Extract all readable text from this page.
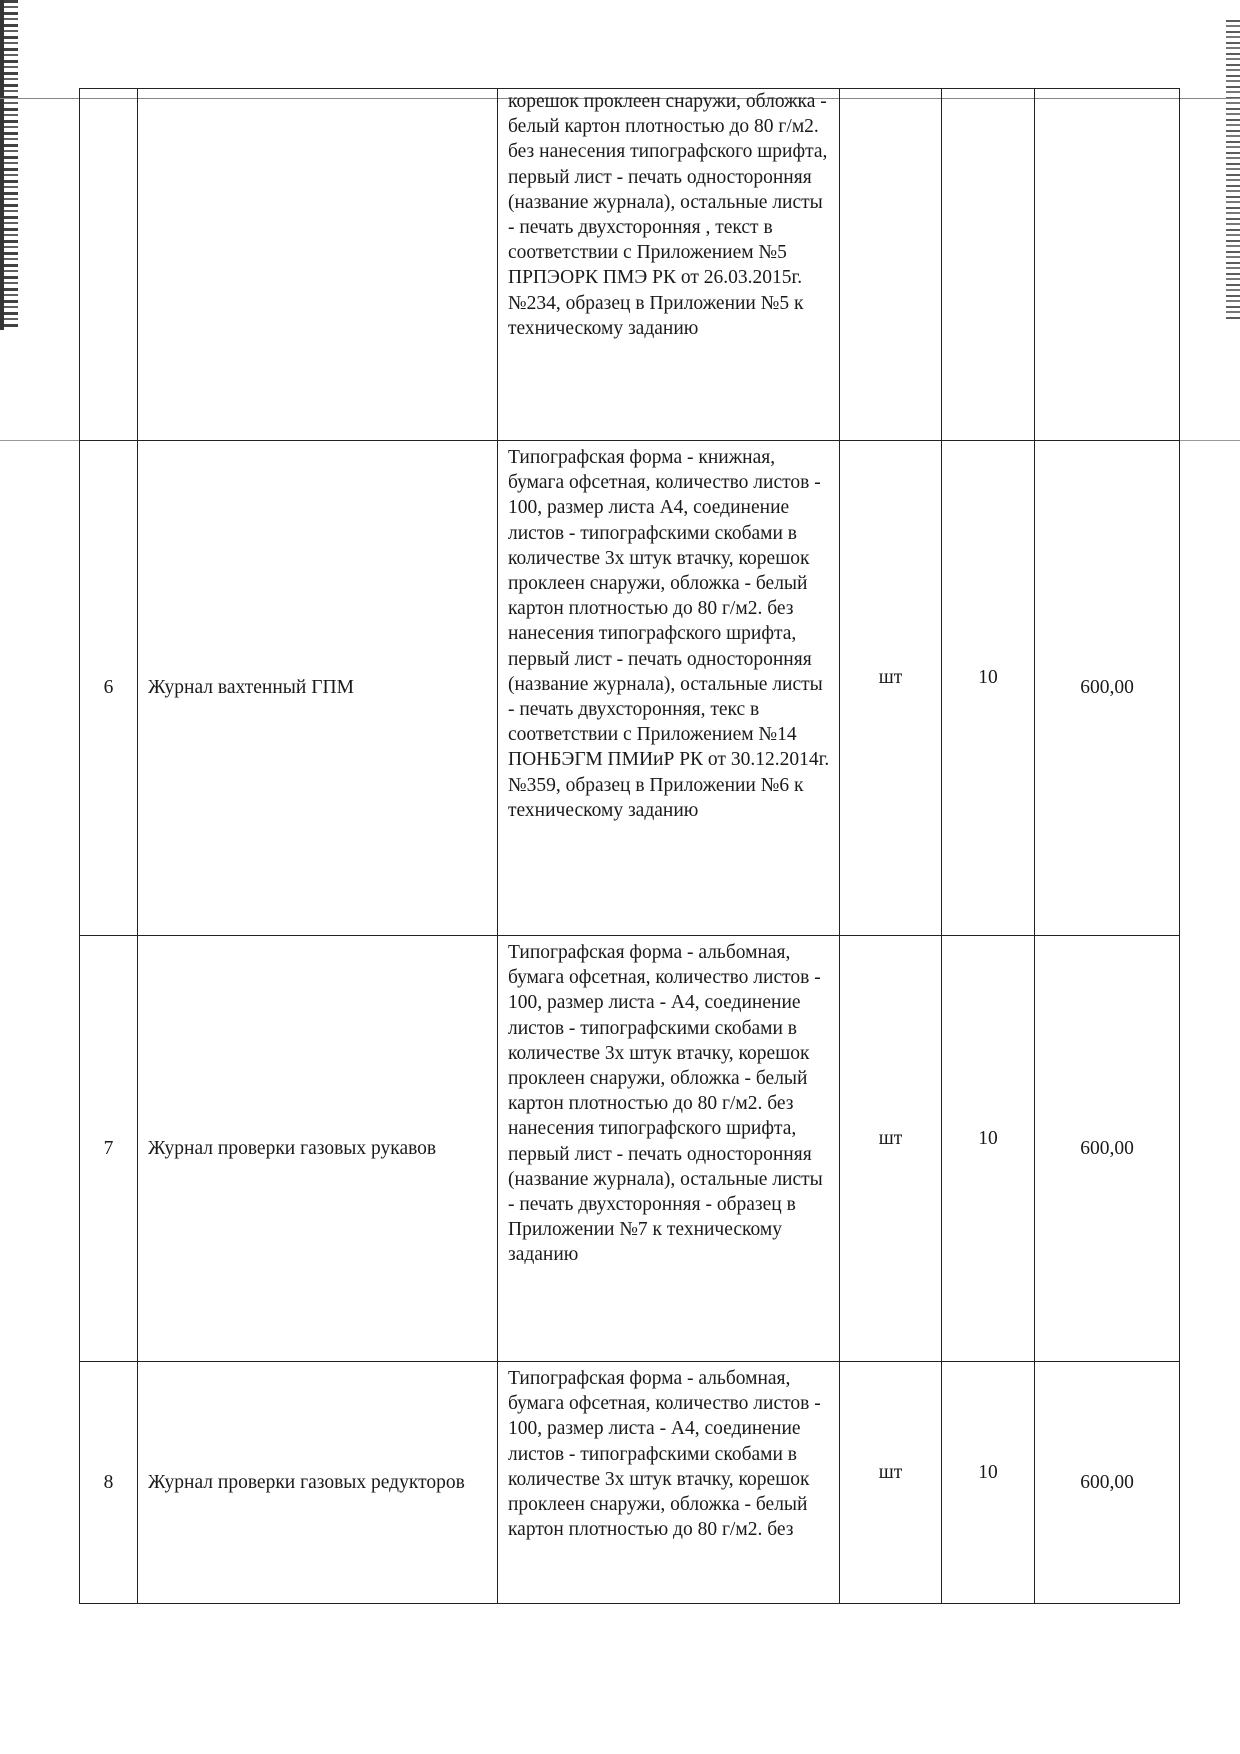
		корешок проклеен снаружи, обложка - белый картон плотностью до 80 г/м2. без нанесения типографского шрифта, первый лист - печать односторонняя (название журнала), остальные листы - печать двухсторонняя , текст в соответствии с Приложением №5 ПРПЭОРК ПМЭ РК от 26.03.2015г. №234, образец в Приложении №5 к техническому заданию			
6	Журнал вахтенный ГПМ	Типографская форма - книжная, бумага офсетная, количество листов - 100, размер листа А4, соединение листов - типографскими скобами в количестве 3х штук втачку, корешок проклеен снаружи, обложка - белый картон плотностью до 80 г/м2. без нанесения типографского шрифта, первый лист - печать односторонняя (название журнала), остальные листы - печать двухсторонняя, текс в соответствии с Приложением №14 ПОНБЭГМ ПМИиР РК от 30.12.2014г. №359, образец в Приложении №6 к техническому заданию	шт	10	600,00
7	Журнал проверки газовых рукавов	Типографская форма - альбомная, бумага офсетная, количество листов - 100, размер листа - А4, соединение листов - типографскими скобами в количестве 3х штук втачку, корешок проклеен снаружи, обложка - белый картон плотностью до 80 г/м2. без нанесения типографского шрифта, первый лист - печать односторонняя (название журнала), остальные листы - печать двухсторонняя - образец в Приложении №7 к техническому заданию	шт	10	600,00
8	Журнал проверки газовых редукторов	Типографская форма - альбомная, бумага офсетная, количество листов - 100, размер листа - А4, соединение листов - типографскими скобами в количестве 3х штук втачку, корешок проклеен снаружи, обложка - белый картон плотностью до 80 г/м2. без	шт	10	600,00
